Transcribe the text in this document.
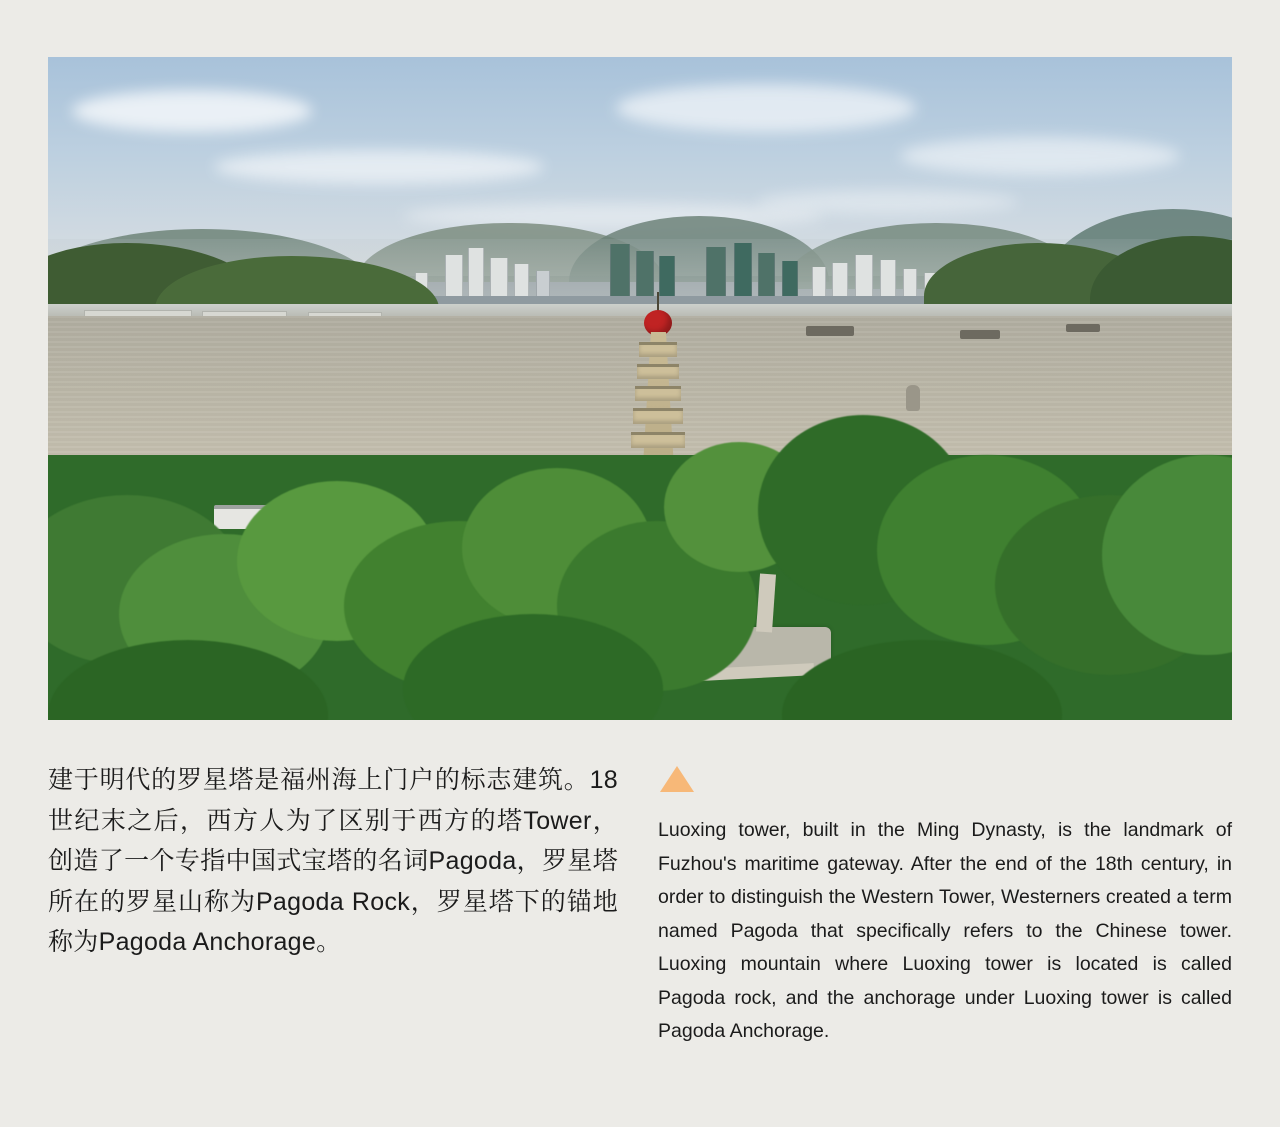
建于明代的罗星塔是福州海上门户的标志建筑。18世纪末之后，西方人为了区别于西方的塔Tower，创造了一个专指中国式宝塔的名词Pagoda，罗星塔所在的罗星山称为Pagoda Rock，罗星塔下的锚地称为Pagoda Anchorage。
Luoxing tower, built in the Ming Dynasty, is the landmark of Fuzhou's maritime gateway. After the end of the 18th century, in order to distinguish the Western Tower, Westerners created a term named Pagoda that specifically refers to the Chinese tower. Luoxing mountain where Luoxing tower is located is called Pagoda rock, and the anchorage under Luoxing tower is called Pagoda Anchorage.
